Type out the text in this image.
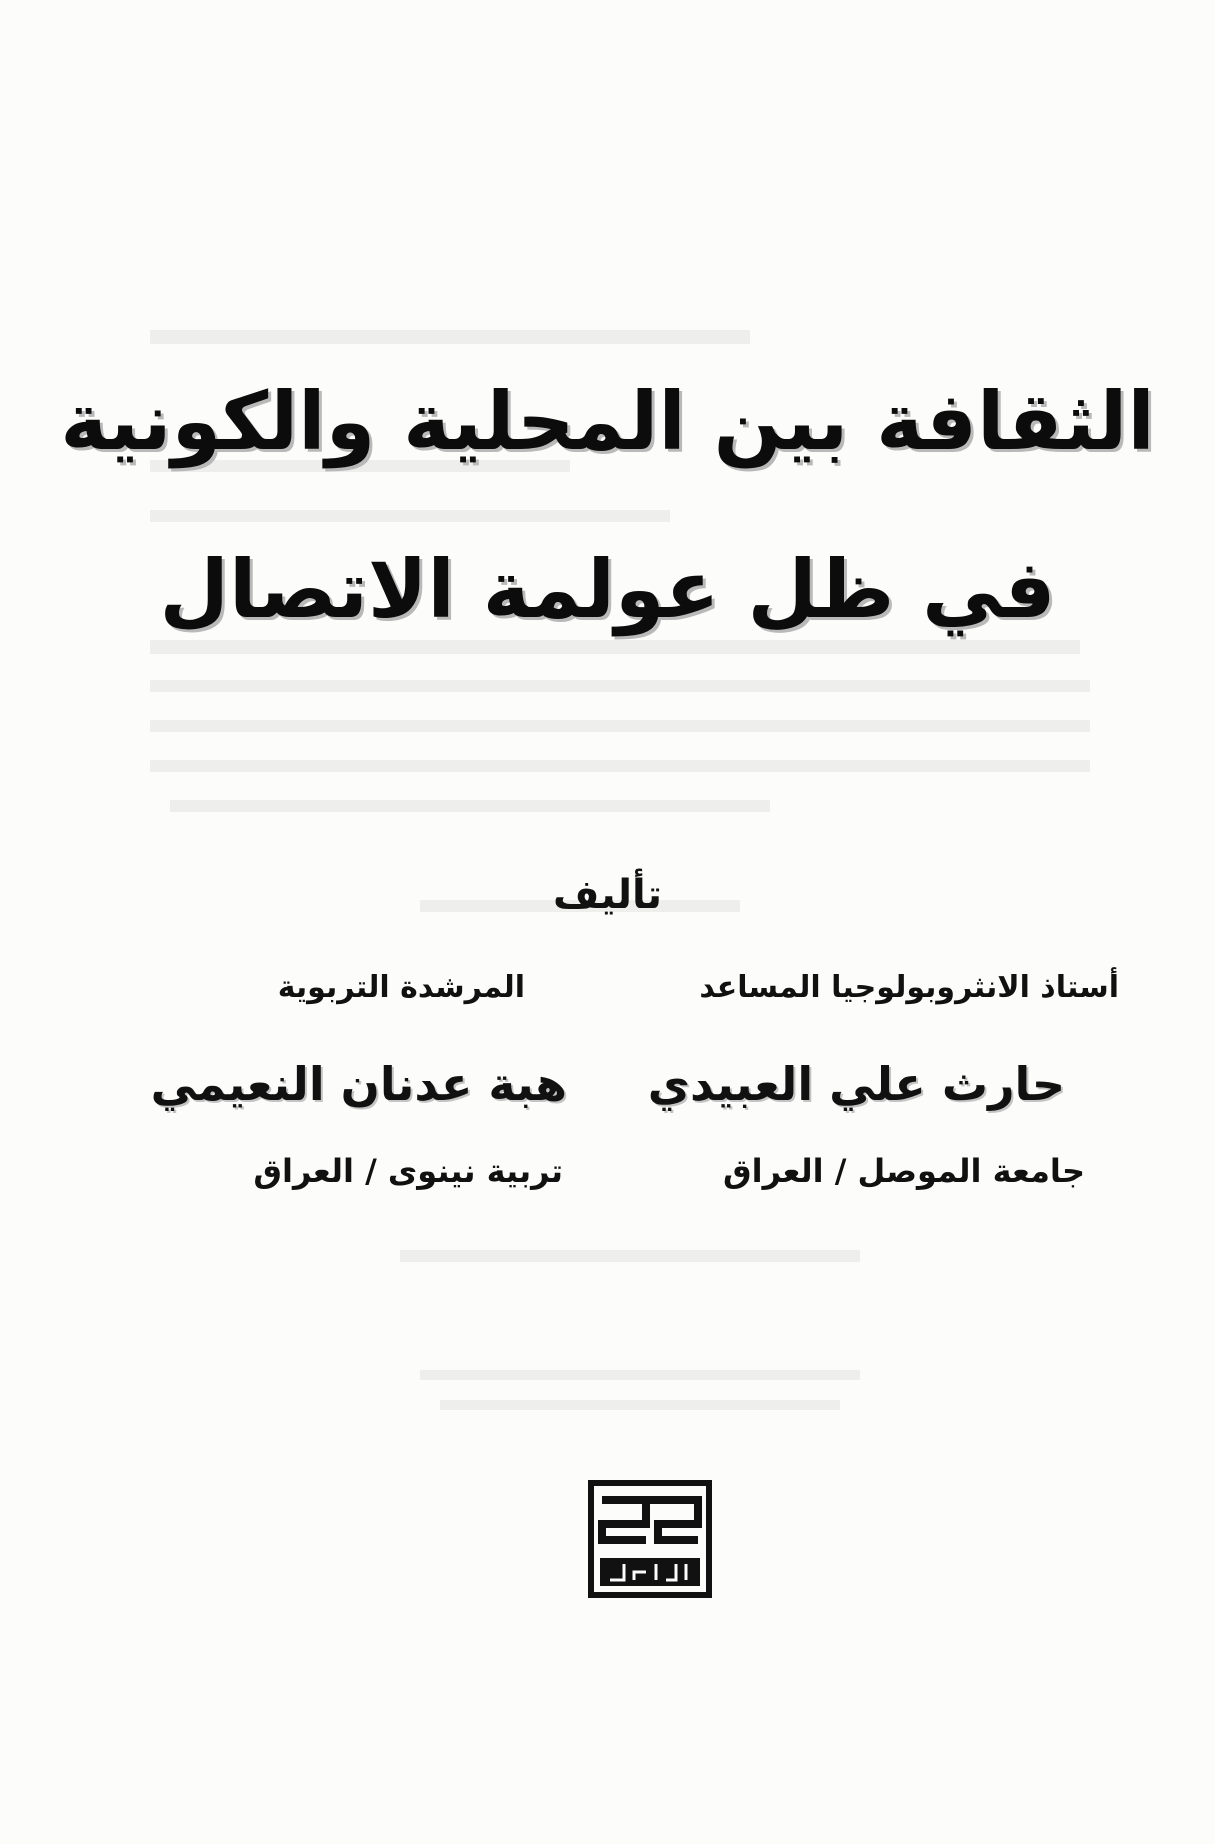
الثقافة بين المحلية والكونية
في ظل عولمة الاتصال
تأليف
أستاذ الانثروبولوجيا المساعد
المرشدة التربوية
حارث علي العبيدي
هبة عدنان النعيمي
جامعة الموصل / العراق
تربية نينوى / العراق
